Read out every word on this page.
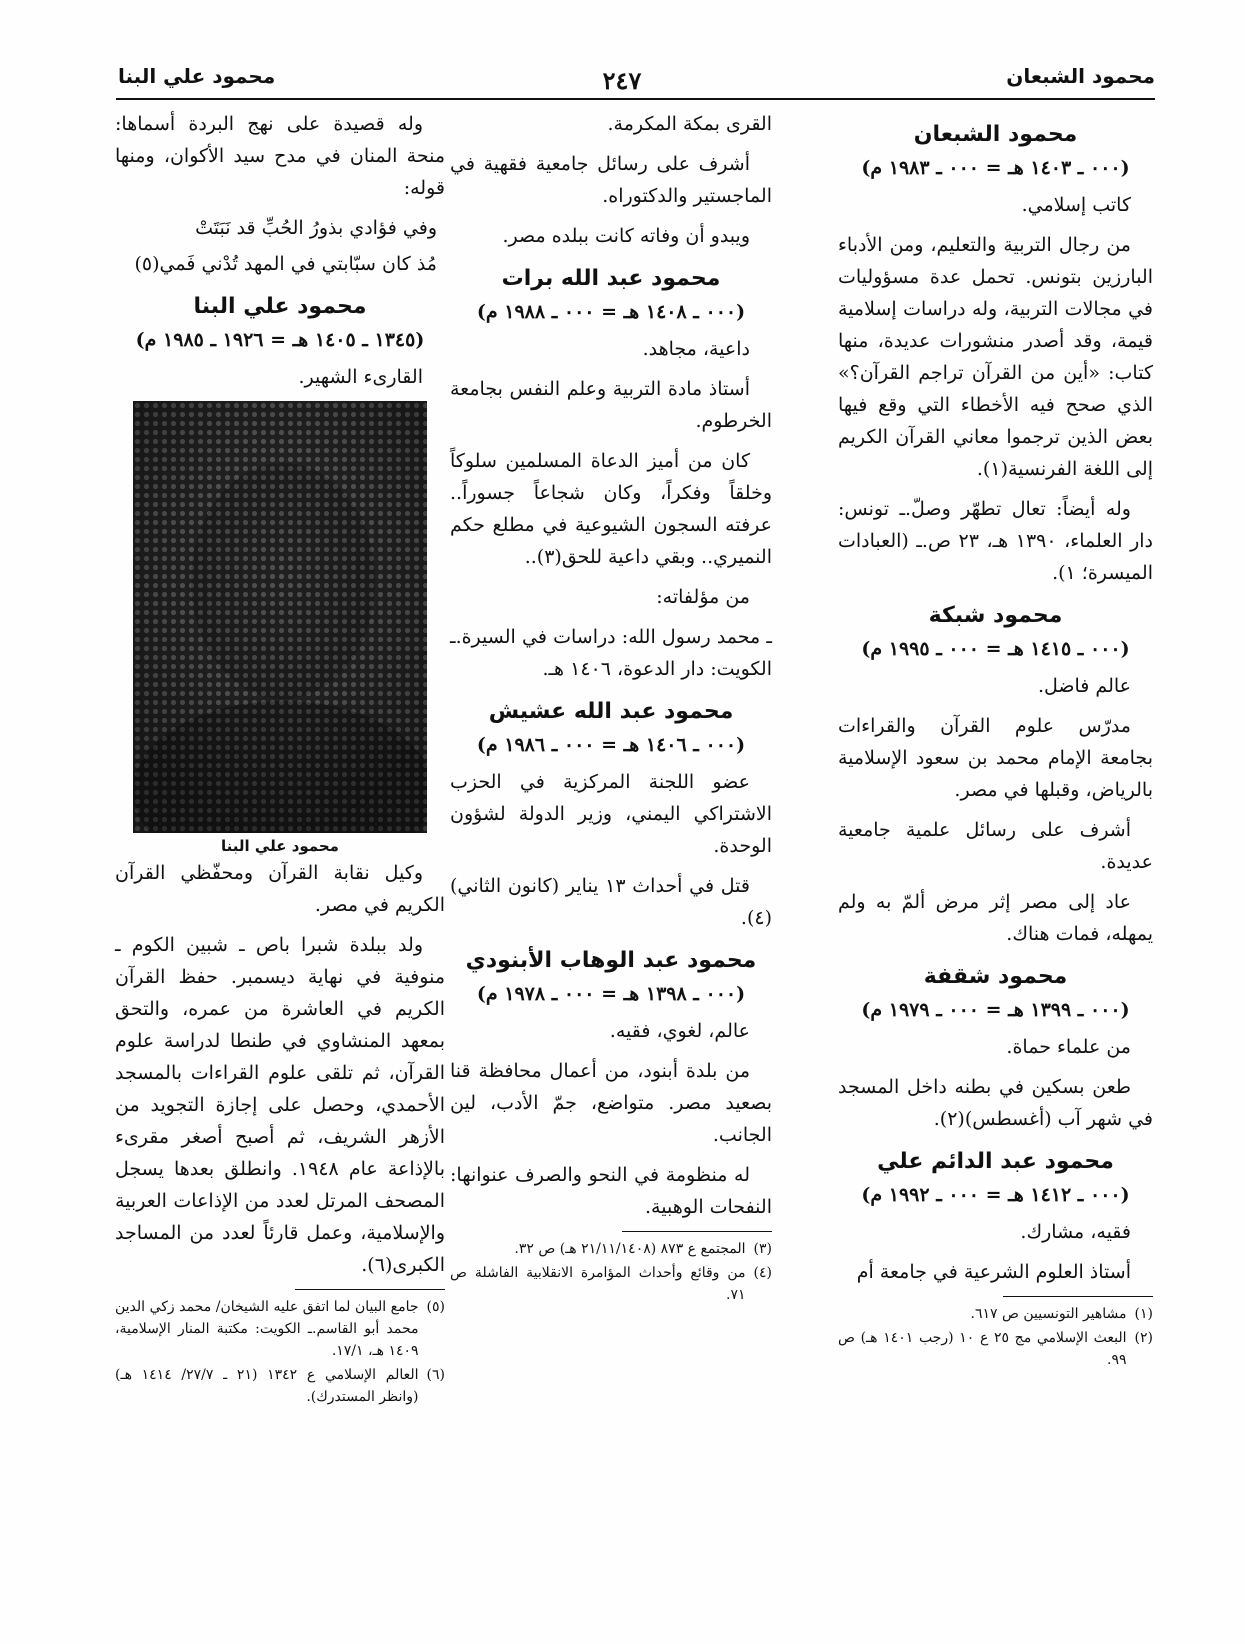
محمود الشبعان
٢٤٧
محمود علي البنا
محمود الشبعان
(٠٠٠ ـ ١٤٠٣ هـ = ٠٠٠ ـ ١٩٨٣ م)

كاتب إسلامي.

من رجال التربية والتعليم، ومن الأدباء البارزين بتونس. تحمل عدة مسؤوليات في مجالات التربية، وله دراسات إسلامية قيمة، وقد أصدر منشورات عديدة، منها كتاب: «أين من القرآن تراجم القرآن؟» الذي صحح فيه الأخطاء التي وقع فيها بعض الذين ترجموا معاني القرآن الكريم إلى اللغة الفرنسية(١).

وله أيضاً: تعال تطهّر وصلّ.ـ تونس: دار العلماء، ١٣٩٠ هـ، ٢٣ ص.ـ (العبادات الميسرة؛ ١).

محمود شبكة
(٠٠٠ ـ ١٤١٥ هـ = ٠٠٠ ـ ١٩٩٥ م)

عالم فاضل.

مدرّس علوم القرآن والقراءات بجامعة الإمام محمد بن سعود الإسلامية بالرياض، وقبلها في مصر.

أشرف على رسائل علمية جامعية عديدة.

عاد إلى مصر إثر مرض ألمّ به ولم يمهله، فمات هناك.

محمود شقفة
(٠٠٠ ـ ١٣٩٩ هـ = ٠٠٠ ـ ١٩٧٩ م)

من علماء حماة.

طعن بسكين في بطنه داخل المسجد في شهر آب (أغسطس)(٢).

محمود عبد الدائم علي
(٠٠٠ ـ ١٤١٢ هـ = ٠٠٠ ـ ١٩٩٢ م)

فقيه، مشارك.

أستاذ العلوم الشرعية في جامعة أم

(١)
مشاهير التونسيين ص ٦١٧.
(٢)
البعث الإسلامي مج ٢٥ ع ١٠ (رجب ١٤٠١ هـ) ص ٩٩.

القرى بمكة المكرمة.

أشرف على رسائل جامعية فقهية في الماجستير والدكتوراه.

ويبدو أن وفاته كانت ببلده مصر.

محمود عبد الله برات
(٠٠٠ ـ ١٤٠٨ هـ = ٠٠٠ ـ ١٩٨٨ م)

داعية، مجاهد.

أستاذ مادة التربية وعلم النفس بجامعة الخرطوم.

كان من أميز الدعاة المسلمين سلوكاً وخلقاً وفكراً، وكان شجاعاً جسوراً.. عرفته السجون الشيوعية في مطلع حكم النميري.. وبقي داعية للحق(٣)..

من مؤلفاته:

ـ محمد رسول الله: دراسات في السيرة.ـ الكويت: دار الدعوة، ١٤٠٦ هـ.

محمود عبد الله عشيش
(٠٠٠ ـ ١٤٠٦ هـ = ٠٠٠ ـ ١٩٨٦ م)

عضو اللجنة المركزية في الحزب الاشتراكي اليمني، وزير الدولة لشؤون الوحدة.

قتل في أحداث ١٣ يناير (كانون الثاني)(٤).

محمود عبد الوهاب الأبنودي
(٠٠٠ ـ ١٣٩٨ هـ = ٠٠٠ ـ ١٩٧٨ م)

عالم، لغوي، فقيه.

من بلدة أبنود، من أعمال محافظة قنا بصعيد مصر. متواضع، جمّ الأدب، لين الجانب.

له منظومة في النحو والصرف عنوانها: النفحات الوهبية.

(٣)
المجتمع ع ٨٧٣ (٢١/١١/١٤٠٨ هـ) ص ٣٢.
(٤)
من وقائع وأحداث المؤامرة الانقلابية الفاشلة ص ٧١.

وله قصيدة على نهج البردة أسماها: منحة المنان في مدح سيد الأكوان، ومنها قوله:

وفي فؤادي بذورُ الحُبِّ قد نَبَتَتْ
مُذ كان سبّابتي في المهد تُدْني فَمي(٥)
محمود علي البنا
(١٣٤٥ ـ ١٤٠٥ هـ = ١٩٢٦ ـ ١٩٨٥ م)

القارىء الشهير.

محمود علي البنا

وكيل نقابة القرآن ومحفّظي القرآن الكريم في مصر.

ولد ببلدة شبرا باص ـ شبين الكوم ـ منوفية في نهاية ديسمبر. حفظ القرآن الكريم في العاشرة من عمره، والتحق بمعهد المنشاوي في طنطا لدراسة علوم القرآن، ثم تلقى علوم القراءات بالمسجد الأحمدي، وحصل على إجازة التجويد من الأزهر الشريف، ثم أصبح أصغر مقرىء بالإذاعة عام ١٩٤٨. وانطلق بعدها يسجل المصحف المرتل لعدد من الإذاعات العربية والإسلامية، وعمل قارئاً لعدد من المساجد الكبرى(٦).

(٥)
جامع البيان لما اتفق عليه الشيخان/ محمد زكي الدين محمد أبو القاسم.ـ الكويت: مكتبة المنار الإسلامية، ١٤٠٩ هـ، ١٧/١.
(٦)
العالم الإسلامي ع ١٣٤٢ (٢١ ـ ٢٧/٧/ ١٤١٤ هـ) (وانظر المستدرك).
